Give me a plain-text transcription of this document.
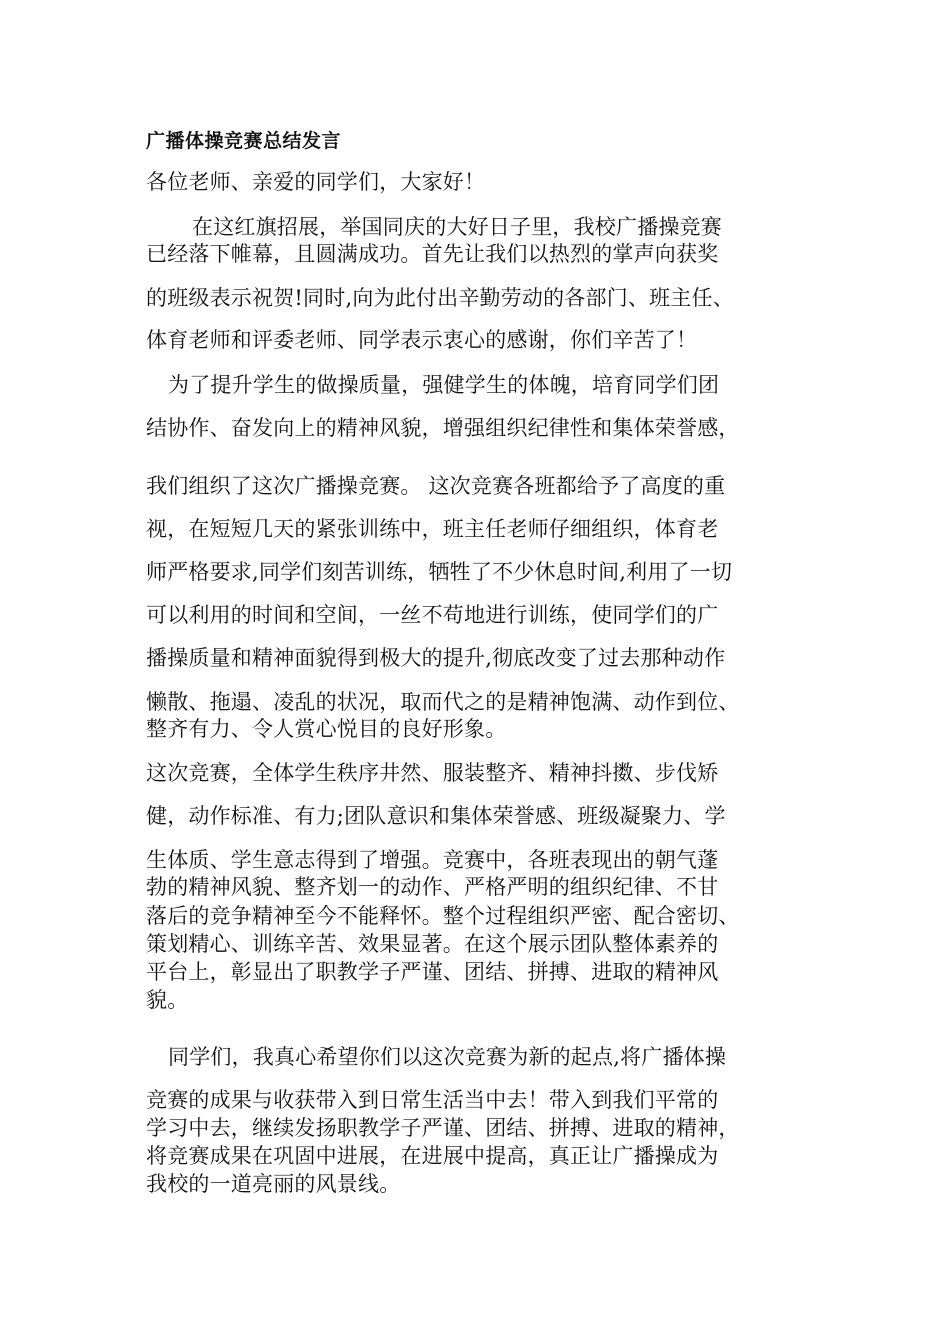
广播体操竞赛总结发言
各位老师、亲爱的同学们，大家好！
在这红旗招展，举国同庆的大好日子里，我校广播操竞赛
已经落下帷幕，且圆满成功。首先让我们以热烈的掌声向获奖
的班级表示祝贺!同时,向为此付出辛勤劳动的各部门、班主任、
体育老师和评委老师、同学表示衷心的感谢，你们辛苦了！
为了提升学生的做操质量，强健学生的体魄，培育同学们团
结协作、奋发向上的精神风貌，增强组织纪律性和集体荣誉感，
我们组织了这次广播操竞赛。 这次竞赛各班都给予了高度的重
视，在短短几天的紧张训练中，班主任老师仔细组织，体育老
师严格要求,同学们刻苦训练，牺牲了不少休息时间,利用了一切
可以利用的时间和空间，一丝不苟地进行训练，使同学们的广
播操质量和精神面貌得到极大的提升,彻底改变了过去那种动作
懒散、拖遢、凌乱的状况，取而代之的是精神饱满、动作到位、
整齐有力、令人赏心悦目的良好形象。
这次竞赛，全体学生秩序井然、服装整齐、精神抖擞、步伐矫
健，动作标准、有力;团队意识和集体荣誉感、班级凝聚力、学
生体质、学生意志得到了增强。竞赛中，各班表现出的朝气蓬
勃的精神风貌、整齐划一的动作、严格严明的组织纪律、不甘
落后的竞争精神至今不能释怀。整个过程组织严密、配合密切、
策划精心、训练辛苦、效果显著。在这个展示团队整体素养的
平台上，彰显出了职教学子严谨、团结、拼搏、进取的精神风
貌。
同学们，我真心希望你们以这次竞赛为新的起点,将广播体操
竞赛的成果与收获带入到日常生活当中去！带入到我们平常的
学习中去，继续发扬职教学子严谨、团结、拼搏、进取的精神，
将竞赛成果在巩固中进展，在进展中提高，真正让广播操成为
我校的一道亮丽的风景线。
